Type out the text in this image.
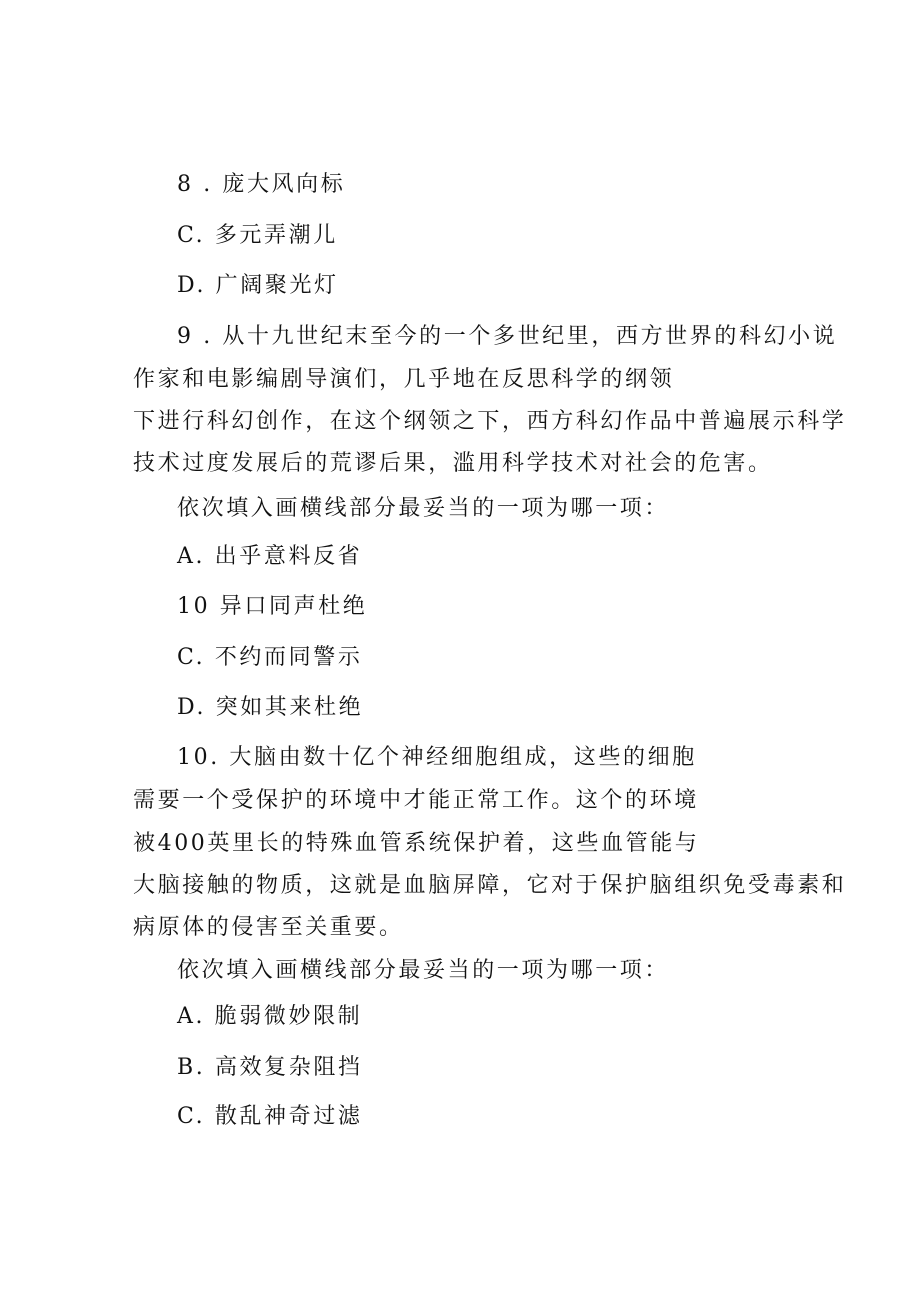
8 . 庞大风向标
C. 多元弄潮儿
D. 广阔聚光灯
9 . 从十九世纪末至今的一个多世纪里，西方世界的科幻小说
作家和电影编剧导演们，几乎地在反思科学的纲领
下进行科幻创作，在这个纲领之下，西方科幻作品中普遍展示科学
技术过度发展后的荒谬后果，滥用科学技术对社会的危害。
依次填入画横线部分最妥当的一项为哪一项：
A. 出乎意料反省
10 异口同声杜绝
C. 不约而同警示
D. 突如其来杜绝
10. 大脑由数十亿个神经细胞组成，这些的细胞
需要一个受保护的环境中才能正常工作。这个的环境
被400英里长的特殊血管系统保护着，这些血管能与
大脑接触的物质，这就是血脑屏障，它对于保护脑组织免受毒素和
病原体的侵害至关重要。
依次填入画横线部分最妥当的一项为哪一项：
A. 脆弱微妙限制
B. 高效复杂阻挡
C. 散乱神奇过滤
